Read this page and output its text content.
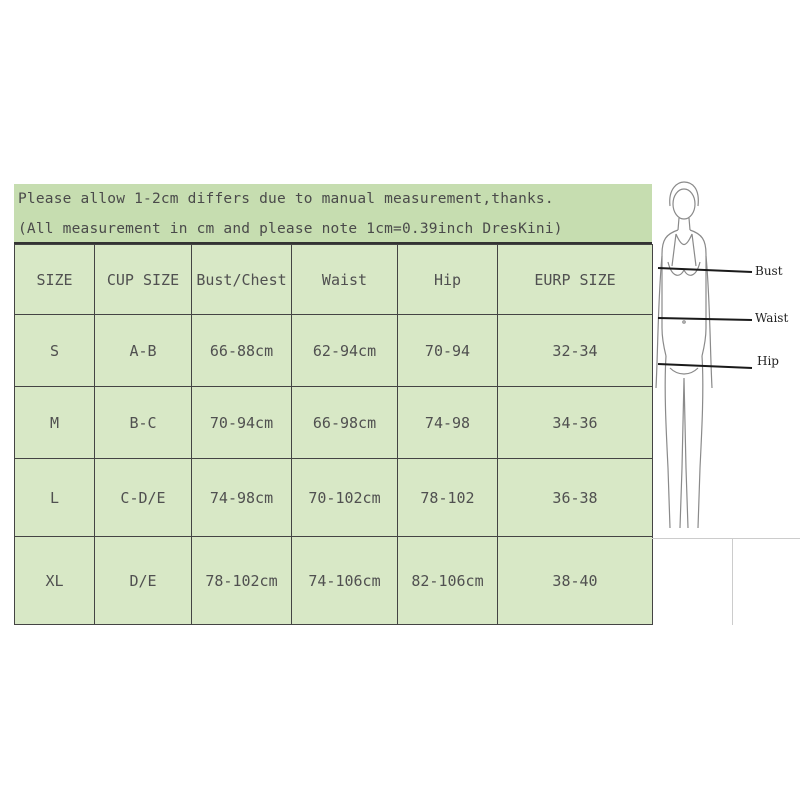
Please allow 1-2cm differs due to manual measurement,thanks.
(All measurement in cm and please note 1cm=0.39inch DresKini)
SIZE	CUP SIZE	Bust/Chest	Waist	Hip	EURP SIZE
S	A-B	66-88cm	62-94cm	70-94	32-34
M	B-C	70-94cm	66-98cm	74-98	34-36
L	C-D/E	74-98cm	70-102cm	78-102	36-38
XL	D/E	78-102cm	74-106cm	82-106cm	38-40
Bust
Waist
Hip
